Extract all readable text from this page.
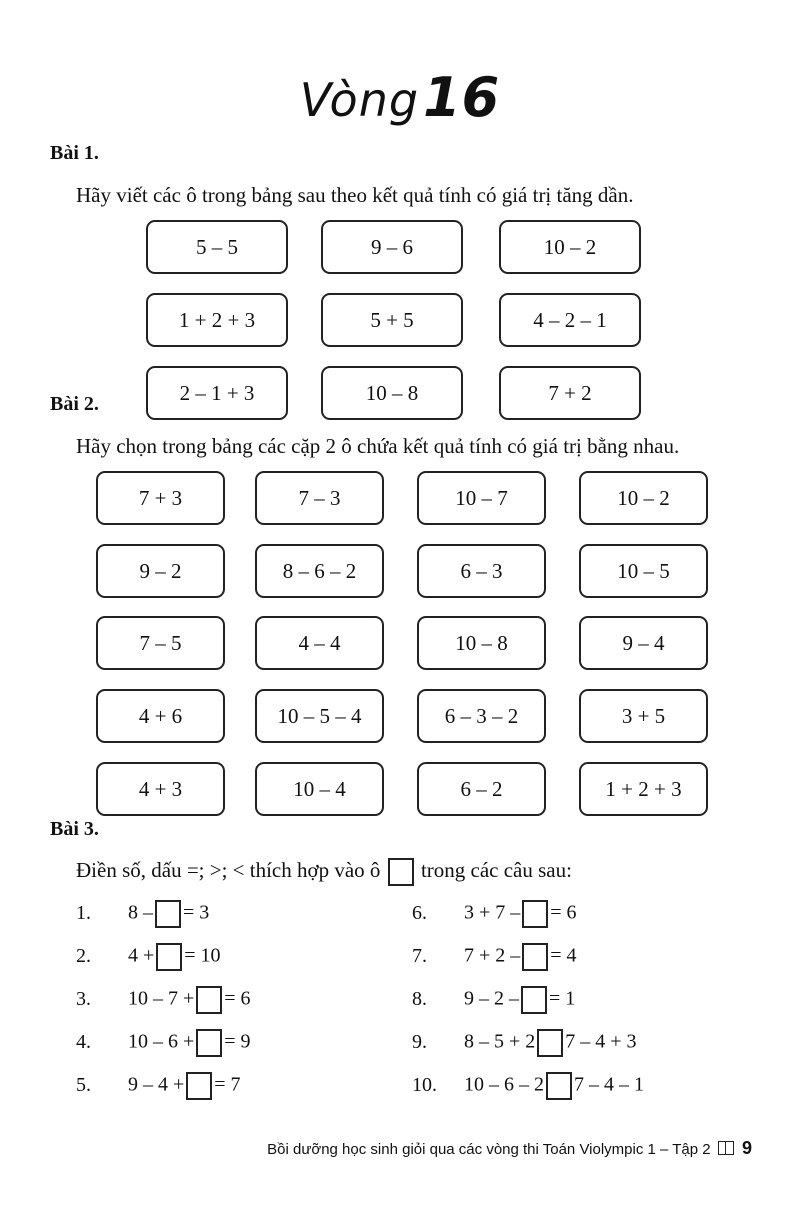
Vòng16
Bài 1.
Hãy viết các ô trong bảng sau theo kết quả tính có giá trị tăng dần.
5 – 5	9 – 6	10 – 2
1 + 2 + 3	5 + 5	4 – 2 – 1
2 – 1 + 3	10 – 8	7 + 2
Bài 2.
Hãy chọn trong bảng các cặp 2 ô chứa kết quả tính có giá trị bằng nhau.
7 + 3	7 – 3	10 – 7	10 – 2
9 – 2	8 – 6 – 2	6 – 3	10 – 5
7 – 5	4 – 4	10 – 8	9 – 4
4 + 6	10 – 5 – 4	6 – 3 – 2	3 + 5
4 + 3	10 – 4	6 – 2	1 + 2 + 3
Bài 3.
Điền số, dấu =; >; < thích hợp vào ô trong các câu sau:
1. 8 – = 3
2. 4 + = 10
3. 10 – 7 + = 6
4. 10 – 6 + = 9
5. 9 – 4 + = 7
6. 3 + 7 – = 6
7. 7 + 2 – = 4
8. 9 – 2 – = 1
9. 8 – 5 + 2 7 – 4 + 3
10. 10 – 6 – 2 7 – 4 – 1
Bồi dưỡng học sinh giỏi qua các vòng thi Toán Violympic 1 – Tập 2 9
